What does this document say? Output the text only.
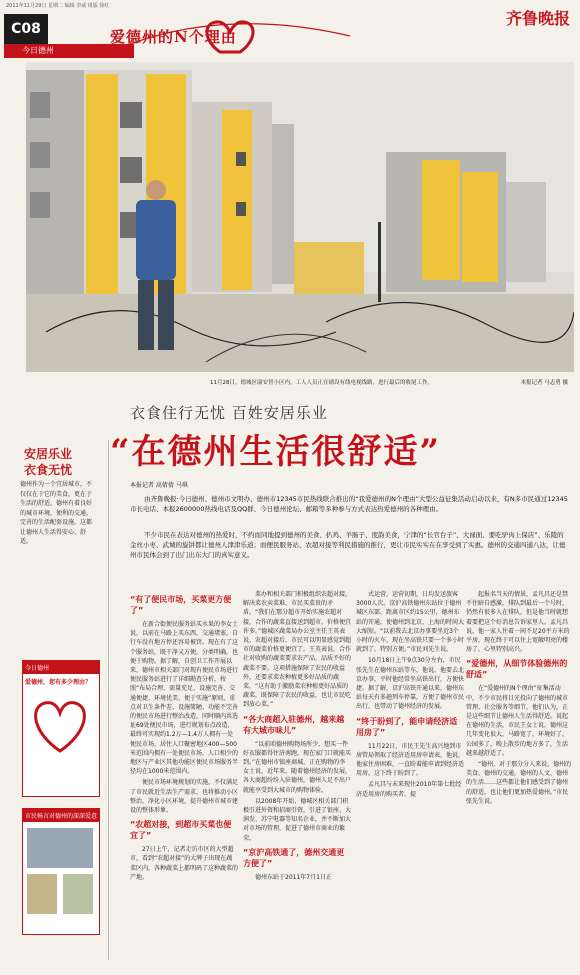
2011年11月29日 星期二 编辑 李威 组版 徐红
齐鲁晚报
C08
今日德州
爱德州的N个理由
11月28日，德城区康安智小区内，工人人员正在铺设有线电视线路，进行最后的收尾工作。	本报记者 马志勇 摄
衣食住行无忧 百姓安居乐业
“在德州生活很舒适”
本报记者 高倩倩 马琪
由齐鲁晚报·今日德州、德州市文明办、德州市12345市民热线联合推出的“我爱德州的N个理由”大型公益征集活动启动以来，有N多市民通过12345市长电话、本报2600000热线电话及QQ群、今日德州论坛、邮箱等多种参与方式表达热爱德州的各种理由。
不少市民在表达对德州的热爱时，不约而同地提到德州的美食、扒鸡、羊肠子、度韵美食，宁津的“长官台子”、大禄面、要吃驴肉上保店”、乐陵的金丝小枣、武城的旋饼都让德州人津津乐道；而便民服务站、农超对接等利民措施的推行，更让市民实实在在享受到了实惠。德州的交通四通八达，让德州市民体会到了出门出东大门的真实意义。
安居乐业
衣食无忧
德州作为一个宜居城市，不仅仅在于它的美食，更在于生活的舒适。德州有着良好的城市环境，便利的交通，完善的生活配套设施，这都让德州人生活得安心、舒适。
今日德州
爱德州，您有多少理由？
市民畅言对德州的深深爱意
“有了便民市场，买菜更方便了”

在新合街便民服务站买水果的李女士说，以前在马路上买东西，交通堵塞，自行车没有地方停还容易被罚。现在有了这个服务站，既干净又方便，分类明确，也便于购物。据了解，自创卫工作开展以来，德州市相关部门对现有便民市场进行便民服务站进行了详细勘查分析，按照“布局合理、需量充足、设施完善、交通便捷、环境优美、便于实施”原则，重点对卫生条件差、设施简陋、功能不完善的便民市场进行整治改造，同时顺内共选址69处便民市场，进行规划布点改造，最终可实现约1.2万—1.4万人拥有一处便民市场，居住人口聚密地区400—500米范围内拥有一处便民市场，人口相少的地区与产业区其他功能区便民市场服务半径均在1000米范围内。

便民市场环境规划的实施，不仅满足了市民就近生活生产需求，也将推动小区整治、净化小区环境，提升德州市城市建设的整体形象。

“农超对接，到超市买菜也便宜了”

27日上午，记者走访市区的大型超市，看到“农超对接”的大牌子出现在蔬菜区内，各种蔬菜上都明码了这种蔬菜的产地。

菜办和相关部门积极组织农超对接，解决菜农卖菜难、市民买菜贵的矛盾。“我们在那分超市开始实施农超对接，合作的蔬菜直接送到超市，价格便宜许多。”德城区蔬菜局办公室主任王英表说，农超对接后，市民可以明显感觉到超市的蔬菜价格更便宜了。王英表说，合作社对收购的蔬菜要求农产品，品质不好的蔬菜不要。这项措施保障了农民的收益外，还要求菜农种植更多好品质的蔬菜，“这有助于激励菜农种植更好品质的蔬菜，既保障了农民的收益，也让市民吃到放心菜。”

“各大商超入驻德州，越来越有大城市味儿”

“以前咱德州购物场所少，想买一件好衣服都得往济南跑，现在家门口就能买到。”在德州市银座商城，正在购物的李女士说，近年来，随着德州经济的发展，各大商超纷纷入驻德州，德州人足不出户就能享受到大城市的购物体验。

以2008年开始，德城区相关部门积极引进外资和招商引资，引进了银座、大润发、苏宁电器等知名企业，并不断加大对市场的管理，促进了德州市商业的繁荣。

“京沪高铁通了，德州交通更方便了”

德州东站于2011年7月1日正

式运营，运营初期，日均发送旅客3000人次。京沪高铁德州东站位于德州城区东部，距离市区约15公里，德州东站的开通，使德州到北京、上海的时间大大缩短。“以前我去北京办事要坐近3个小时的火车，现在坐高铁只要一个多小时就到了，特别方便。”市民刘先生说。

10月18日上午9点30分左右，市民张先生在德州东站等车，他说，他要去北京办事，平时他经常坐高铁出行，方便快捷。据了解，京沪高铁开通以来，德州东站每天有多趟列车停靠，方便了德州市民出行，也带动了德州经济的发展。

“终于盼到了，能申请经济适用房了”

11月22日，市民王先生高兴地到市房管局领取了经济适用房申请表，他说，他家住房困难，一直盼着能申请到经济适用房，这下终于盼到了。

孟凡昌与未来现住2010年第七批经济适用房的购买者，提

起报名当天的情景，孟凡昌还是禁不住暗自感激，排队到最后一个号时，仍然有很多人在排队，但是他当时就想着要把这个好消息告诉家里人。孟凡昌说，他一家人住着一间不足20平方米的平房，现在终于可以住上宽敞明亮的楼房了，心里特别高兴。

“爱德州，从细节体验德州的舒适”

在“爱德州的N个理由”征集活动中，不少市民将目光投向了德州的城市管理、社会服务等细节，他们认为，正是这些细节让德州人生活得舒适。说起在德州的生活，市民王女士说，德州这几年变化很大，马路宽了，环境好了，公园多了，晚上散步的地方多了，生活越来越舒适了。

“德州，对于那分分人来说，德州的美食、德州的交通，德州的人文，德州的生活……这些都让他们感受到了德州的舒适，也让他们更加热爱德州。”市民张先生说。
